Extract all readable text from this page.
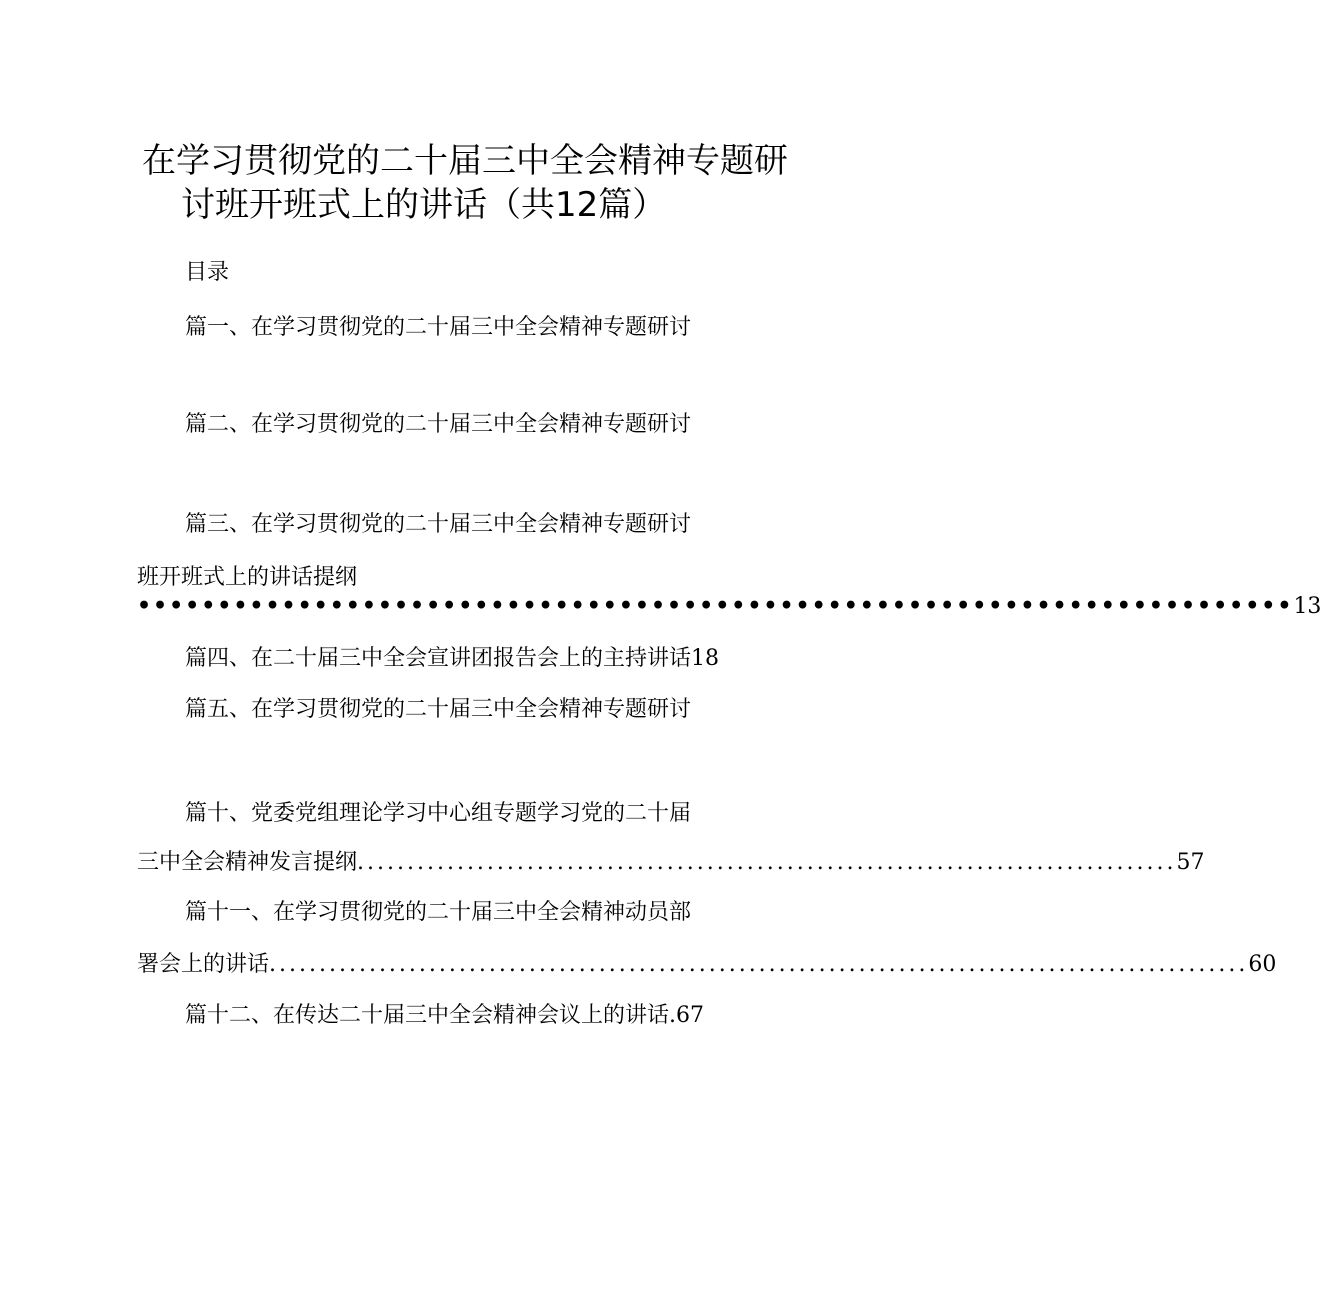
在学习贯彻党的二十届三中全会精神专题研
讨班开班式上的讲话（共12篇）
目录
篇一、在学习贯彻党的二十届三中全会精神专题研讨
篇二、在学习贯彻党的二十届三中全会精神专题研讨
篇三、在学习贯彻党的二十届三中全会精神专题研讨
班开班式上的讲话提纲
•••••••••••••••••••••••••••••••••••••••••••••••••••••••••••••••••••••••• 13
篇四、在二十届三中全会宣讲团报告会上的主持讲话18
篇五、在学习贯彻党的二十届三中全会精神专题研讨
篇十、党委党组理论学习中心组专题学习党的二十届
三中全会精神发言提纲 .................................................................................. 57
篇十一、在学习贯彻党的二十届三中全会精神动员部
署会上的讲话 .................................................................................................. 60
篇十二、在传达二十届三中全会精神会议上的讲话.67
